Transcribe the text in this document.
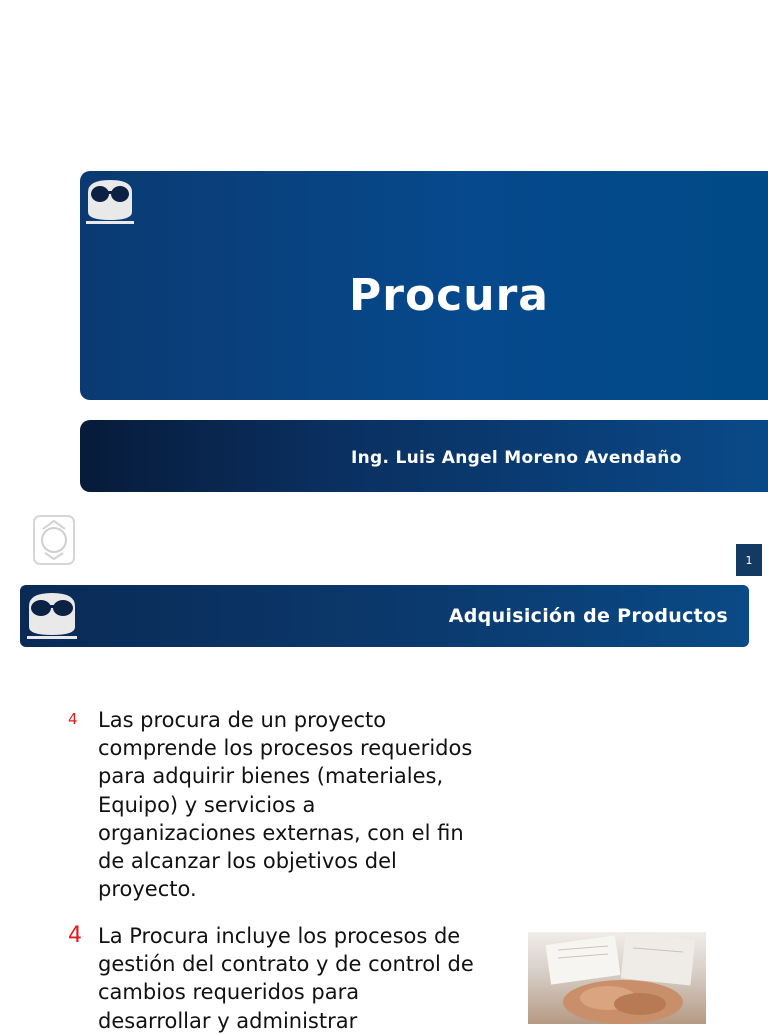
Procura
Ing. Luis Angel Moreno Avendaño
1
Adquisición de Productos
4 Las procura de un proyecto comprende los procesos requeridos para adquirir bienes (materiales, Equipo) y servicios a organizaciones externas, con el fin de alcanzar los objetivos del proyecto.
4 La Procura incluye los procesos de gestión del contrato y de control de cambios requeridos para desarrollar y administrar
